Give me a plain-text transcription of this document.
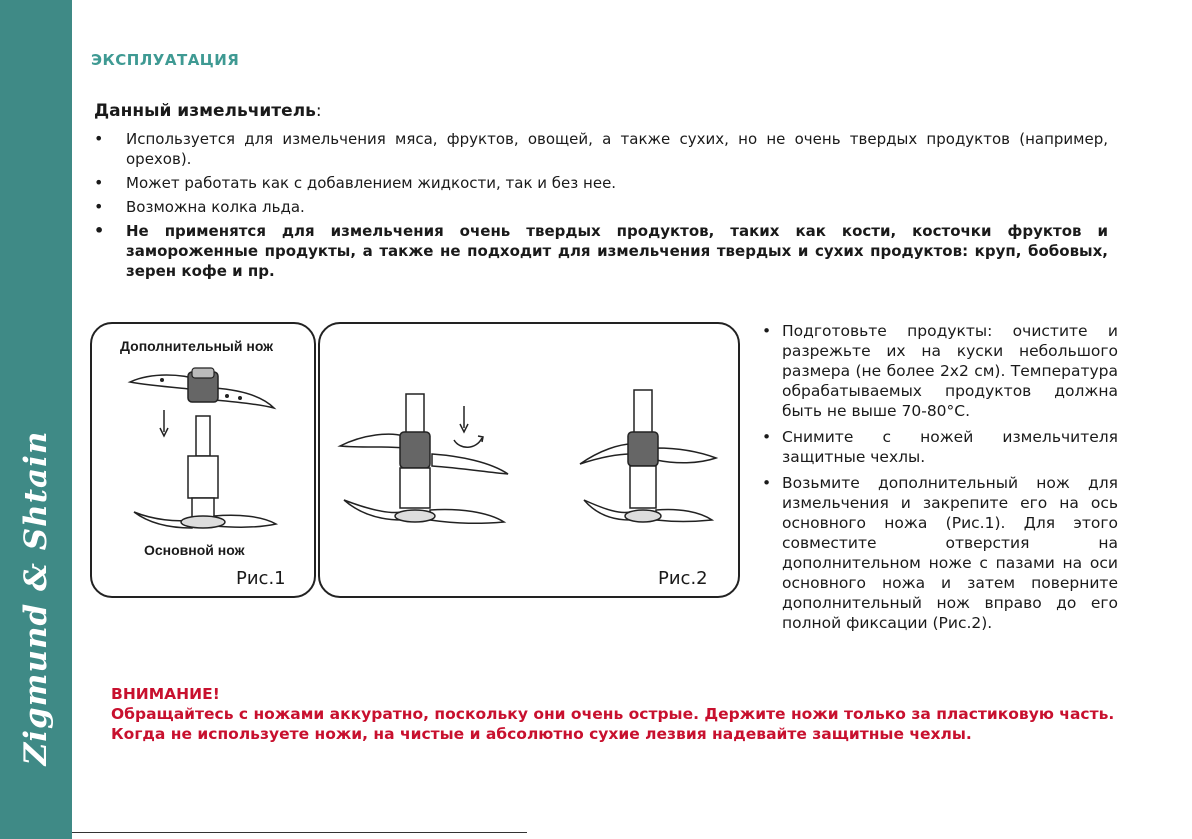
Zigmund & Shtain
ЭКСПЛУАТАЦИЯ
Данный измельчитель:
• Используется для измельчения мяса, фруктов, овощей, а также сухих, но не очень твердых продуктов (например, орехов).
• Может работать как с добавлением жидкости, так и без нее.
• Возможна колка льда.
• Не применятся для измельчения очень твердых продуктов, таких как кости, косточки фруктов и замороженные продукты, а также не подходит для измельчения твердых и сухих продуктов: круп, бобовых, зерен кофе и пр.
Дополнительный нож
Основной нож
Рис.1	Рис.2
• Подготовьте продукты: очистите и разрежьте их на куски небольшого размера (не более 2х2 см). Температура обрабатываемых продуктов должна быть не выше 70-80°С.
• Снимите с ножей измельчителя защитные чехлы.
• Возьмите дополнительный нож для измельчения и закрепите его на ось основного ножа (Рис.1). Для этого совместите отверстия на дополнительном ноже с пазами на оси основного ножа и затем поверните дополнительный нож вправо до его полной фиксации (Рис.2).
ВНИМАНИЕ!
Обращайтесь с ножами аккуратно, поскольку они очень острые. Держите ножи только за пластиковую часть.
Когда не используете ножи, на чистые и абсолютно сухие лезвия надевайте защитные чехлы.
